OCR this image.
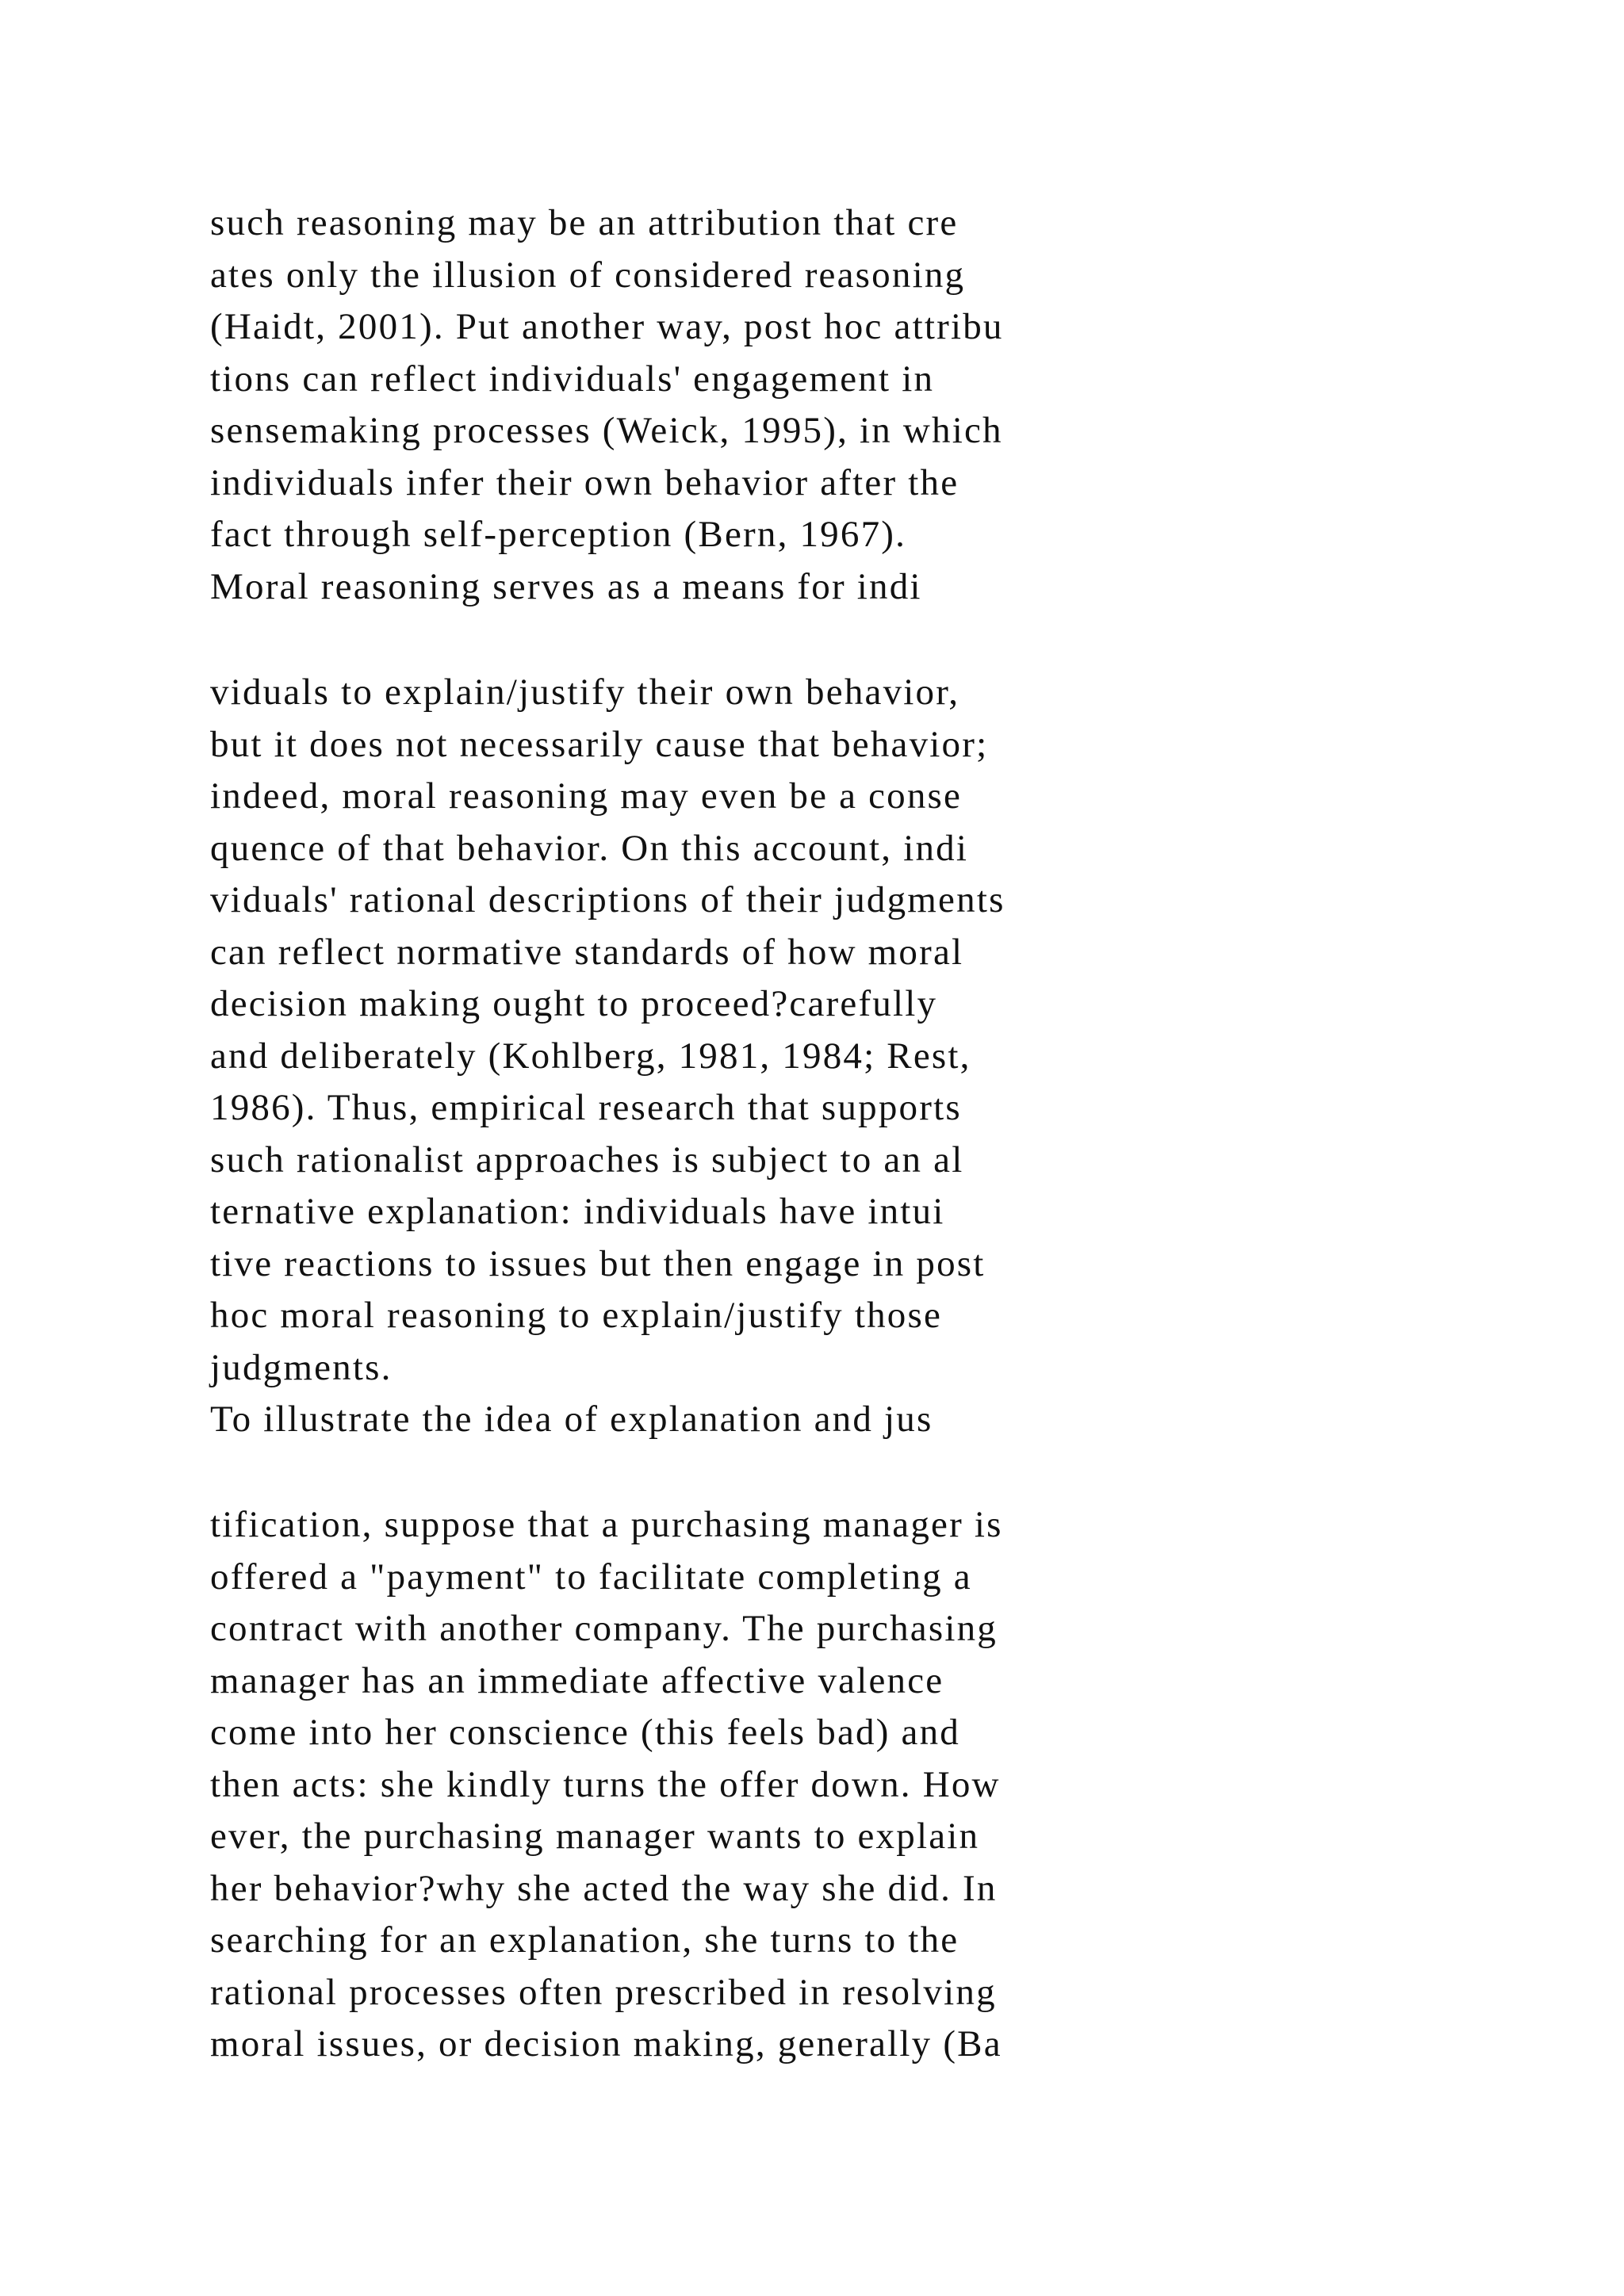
such reasoning may be an attribution that cre
ates only the illusion of considered reasoning
(Haidt, 2001). Put another way, post hoc attribu
tions can reflect individuals' engagement in
sensemaking processes (Weick, 1995), in which
individuals infer their own behavior after the
fact through self-perception (Bern, 1967).
Moral reasoning serves as a means for indi
viduals to explain/justify their own behavior,
but it does not necessarily cause that behavior;
indeed, moral reasoning may even be a conse
quence of that behavior. On this account, indi
viduals' rational descriptions of their judgments
can reflect normative standards of how moral
decision making ought to proceed?carefully
and deliberately (Kohlberg, 1981, 1984; Rest,
1986). Thus, empirical research that supports
such rationalist approaches is subject to an al
ternative explanation: individuals have intui
tive reactions to issues but then engage in post
hoc moral reasoning to explain/justify those
judgments.
To illustrate the idea of explanation and jus
tification, suppose that a purchasing manager is
offered a "payment" to facilitate completing a
contract with another company. The purchasing
manager has an immediate affective valence
come into her conscience (this feels bad) and
then acts: she kindly turns the offer down. How
ever, the purchasing manager wants to explain
her behavior?why she acted the way she did. In
searching for an explanation, she turns to the
rational processes often prescribed in resolving
moral issues, or decision making, generally (Ba
